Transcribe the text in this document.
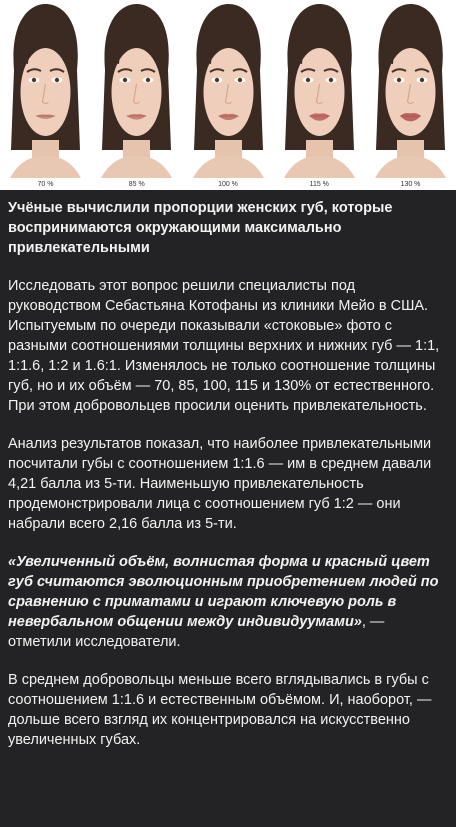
70 %	85 %	100 %	115 %	130 %

Учёные вычислили пропорции женских губ, которые воспринимаются окружающими максимально привлекательными

Исследовать этот вопрос решили специалисты под руководством Себастьяна Котофаны из клиники Мейо в США. Испытуемым по очереди показывали «стоковые» фото с разными соотношениями толщины верхних и нижних губ — 1:1, 1:1.6, 1:2 и 1.6:1. Изменялось не только соотношение толщины губ, но и их объём — 70, 85, 100, 115 и 130% от естественного. При этом добровольцев просили оценить привлекательность.

Анализ результатов показал, что наиболее привлекательными посчитали губы с соотношением 1:1.6 — им в среднем давали 4,21 балла из 5-ти. Наименьшую привлекательность продемонстрировали лица с соотношением губ 1:2 — они набрали всего 2,16 балла из 5-ти.

«Увеличенный объём, волнистая форма и красный цвет губ считаются эволюционным приобретением людей по сравнению с приматами и играют ключевую роль в невербальном общении между индивидуумами», — отметили исследователи.

В среднем добровольцы меньше всего вглядывались в губы с соотношением 1:1.6 и естественным объёмом. И, наоборот, — дольше всего взгляд их концентрировался на искусственно увеличенных губах.
